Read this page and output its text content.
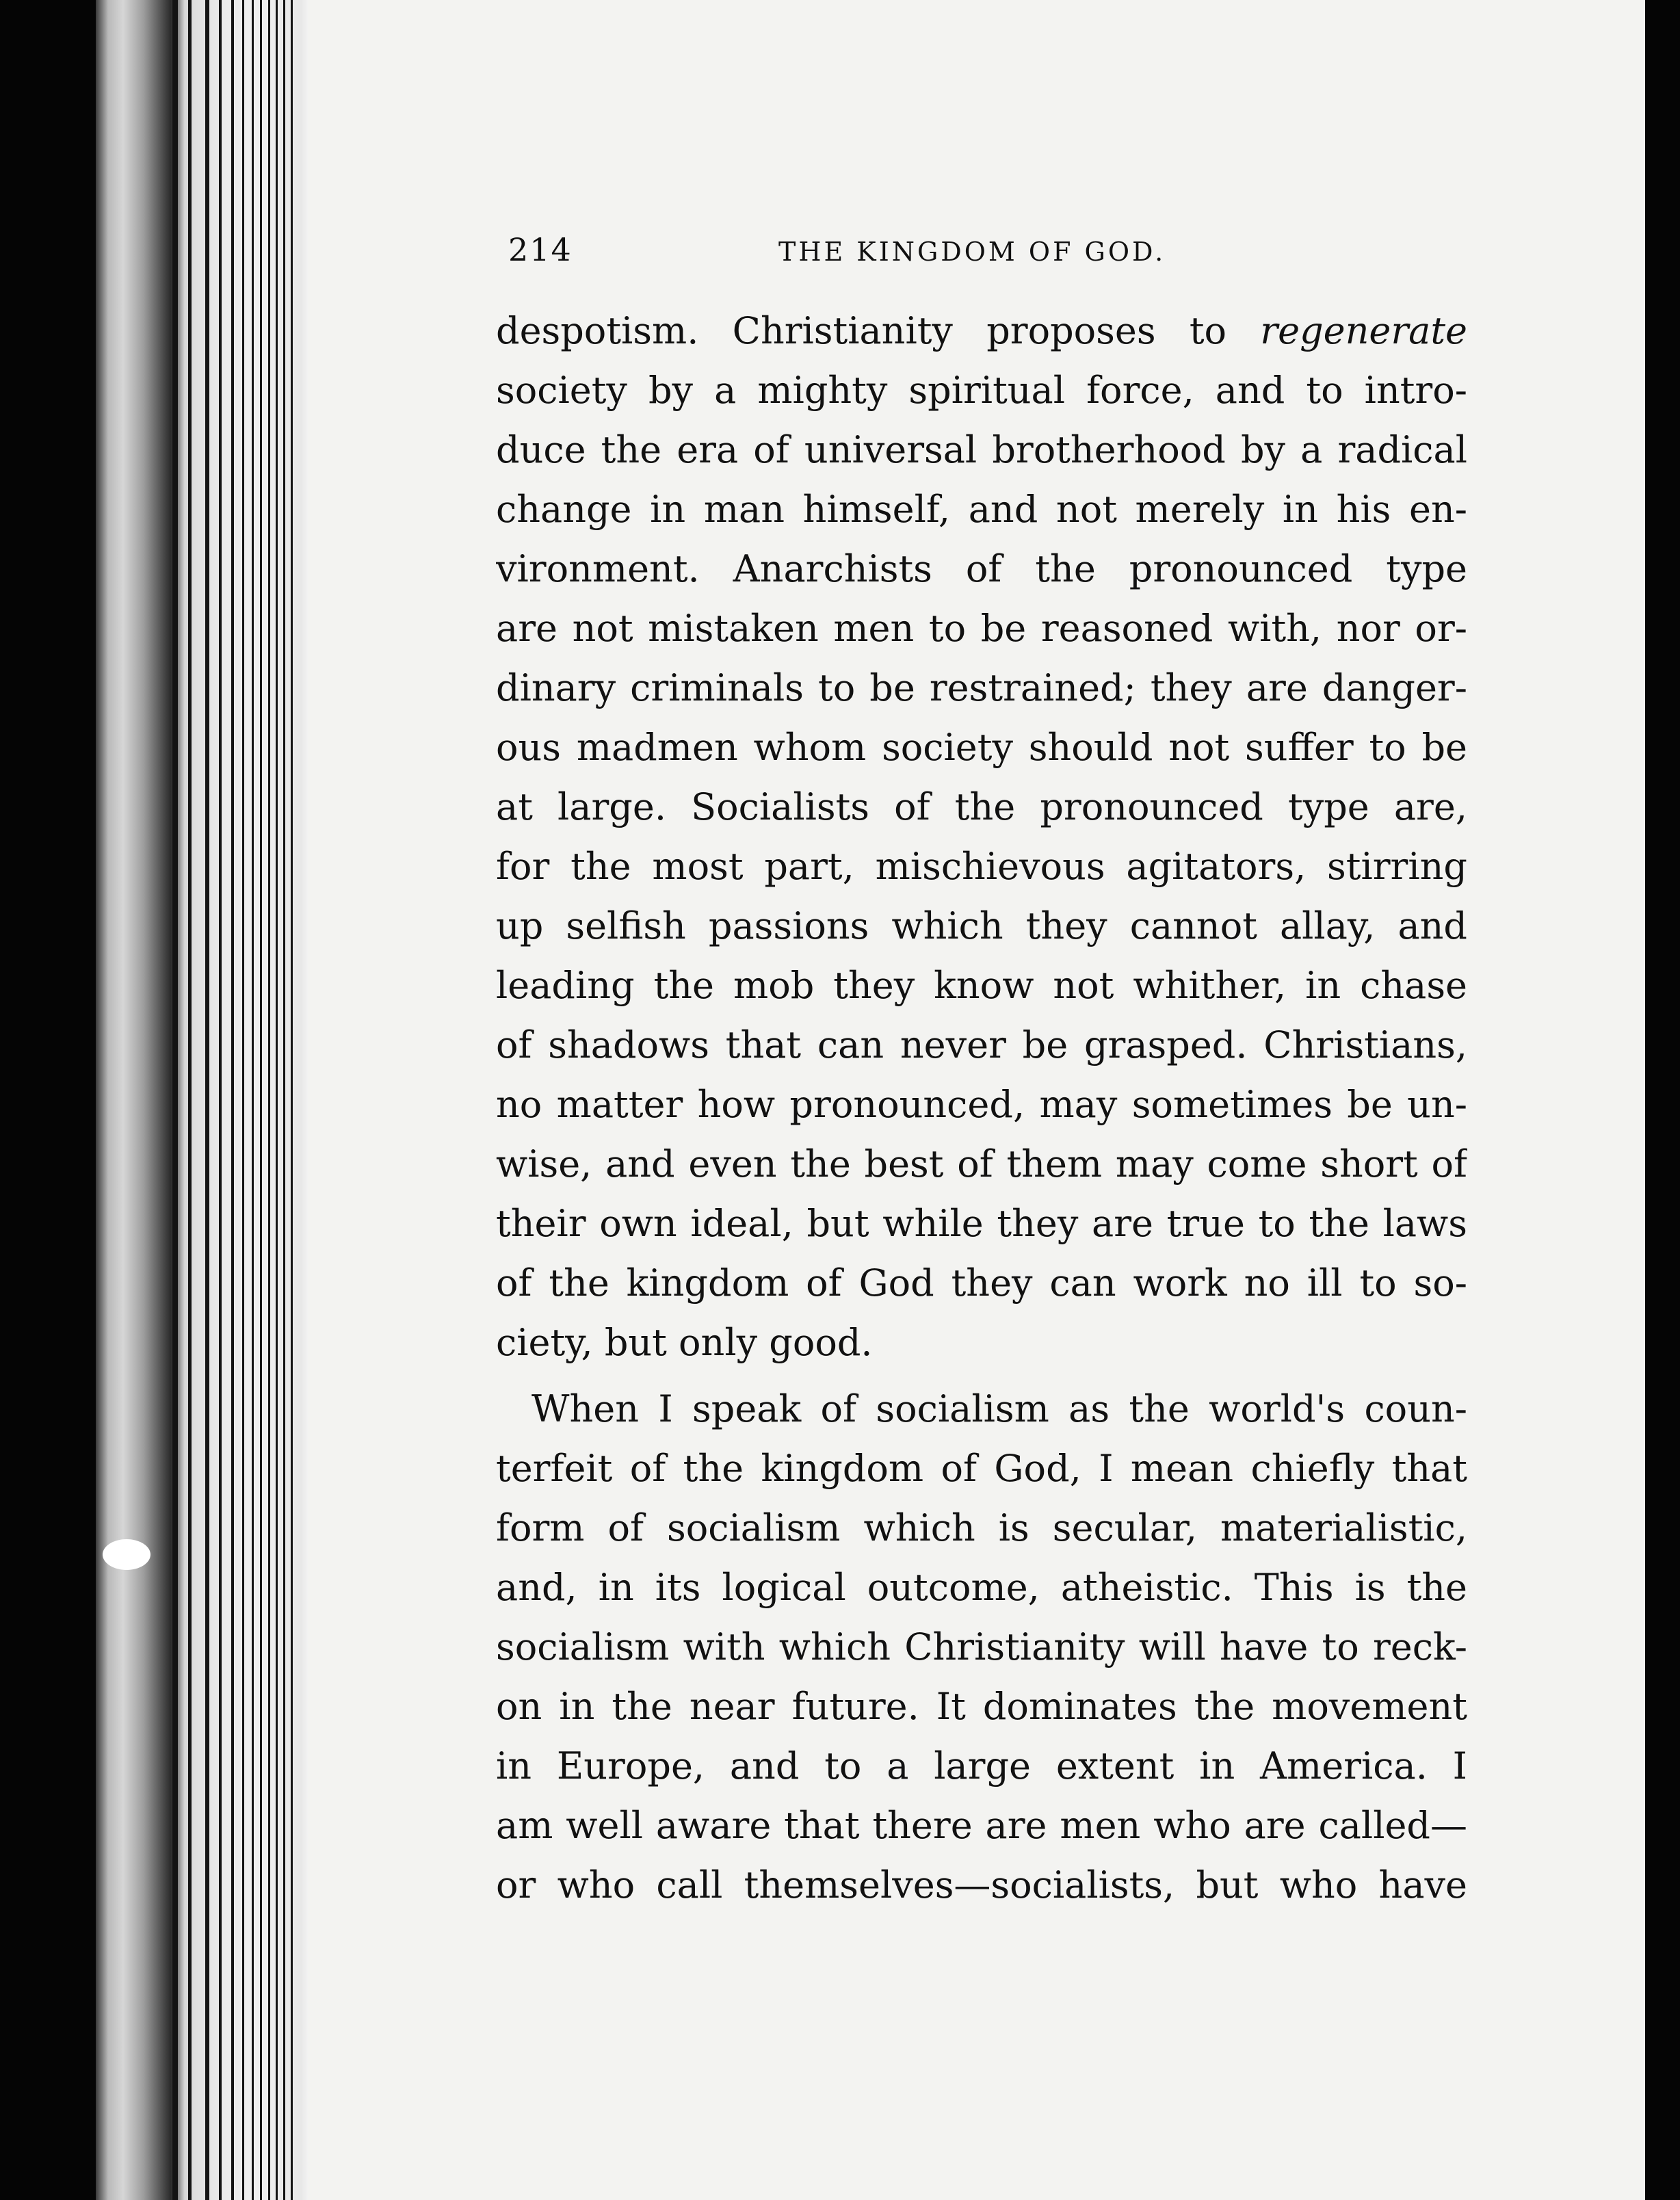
214	THE KINGDOM OF GOD.
despotism. Christianity proposes to regenerate
society by a mighty spiritual force, and to intro-
duce the era of universal brotherhood by a radical
change in man himself, and not merely in his en-
vironment. Anarchists of the pronounced type
are not mistaken men to be reasoned with, nor or-
dinary criminals to be restrained; they are danger-
ous madmen whom society should not suffer to be
at large. Socialists of the pronounced type are,
for the most part, mischievous agitators, stirring
up selfish passions which they cannot allay, and
leading the mob they know not whither, in chase
of shadows that can never be grasped. Christians,
no matter how pronounced, may sometimes be un-
wise, and even the best of them may come short of
their own ideal, but while they are true to the laws
of the kingdom of God they can work no ill to so-
ciety, but only good.
When I speak of socialism as the world's coun-
terfeit of the kingdom of God, I mean chiefly that
form of socialism which is secular, materialistic,
and, in its logical outcome, atheistic. This is the
socialism with which Christianity will have to reck-
on in the near future. It dominates the movement
in Europe, and to a large extent in America. I
am well aware that there are men who are called—
or who call themselves—socialists, but who have
